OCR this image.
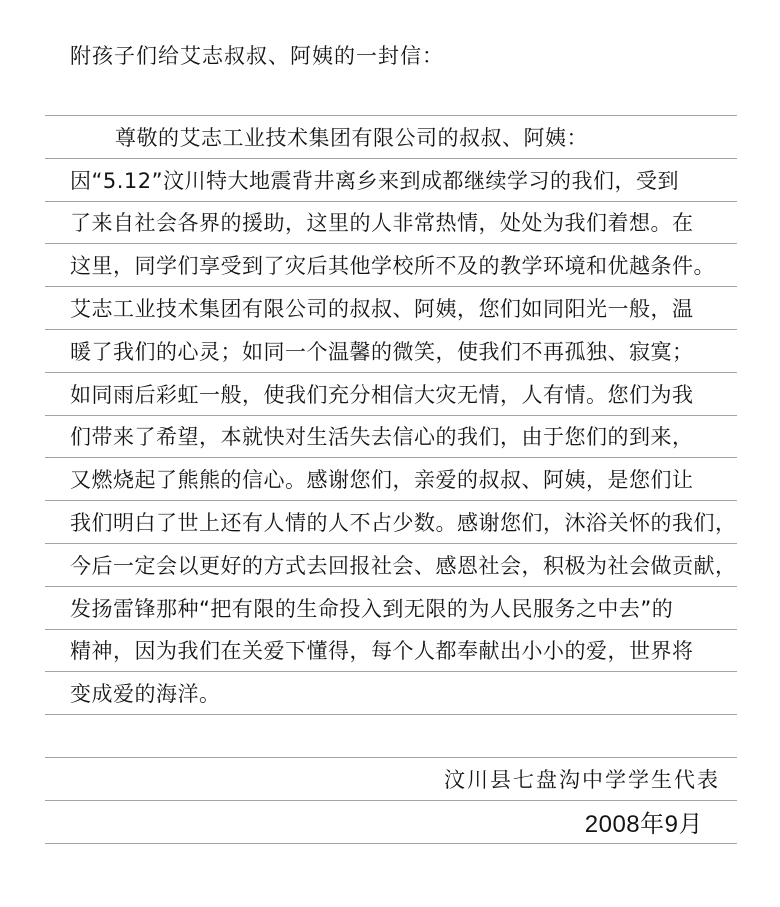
附孩子们给艾志叔叔、阿姨的一封信：
尊敬的艾志工业技术集团有限公司的叔叔、阿姨：
因“5.12”汶川特大地震背井离乡来到成都继续学习的我们，受到
了来自社会各界的援助，这里的人非常热情，处处为我们着想。在
这里，同学们享受到了灾后其他学校所不及的教学环境和优越条件。
艾志工业技术集团有限公司的叔叔、阿姨，您们如同阳光一般，温
暖了我们的心灵；如同一个温馨的微笑，使我们不再孤独、寂寞；
如同雨后彩虹一般，使我们充分相信大灾无情，人有情。您们为我
们带来了希望，本就快对生活失去信心的我们，由于您们的到来，
又燃烧起了熊熊的信心。感谢您们，亲爱的叔叔、阿姨，是您们让
我们明白了世上还有人情的人不占少数。感谢您们，沐浴关怀的我们，
今后一定会以更好的方式去回报社会、感恩社会，积极为社会做贡献，
发扬雷锋那种“把有限的生命投入到无限的为人民服务之中去”的
精神，因为我们在关爱下懂得，每个人都奉献出小小的爱，世界将
变成爱的海洋。
汶川县七盘沟中学学生代表
2008年9月
